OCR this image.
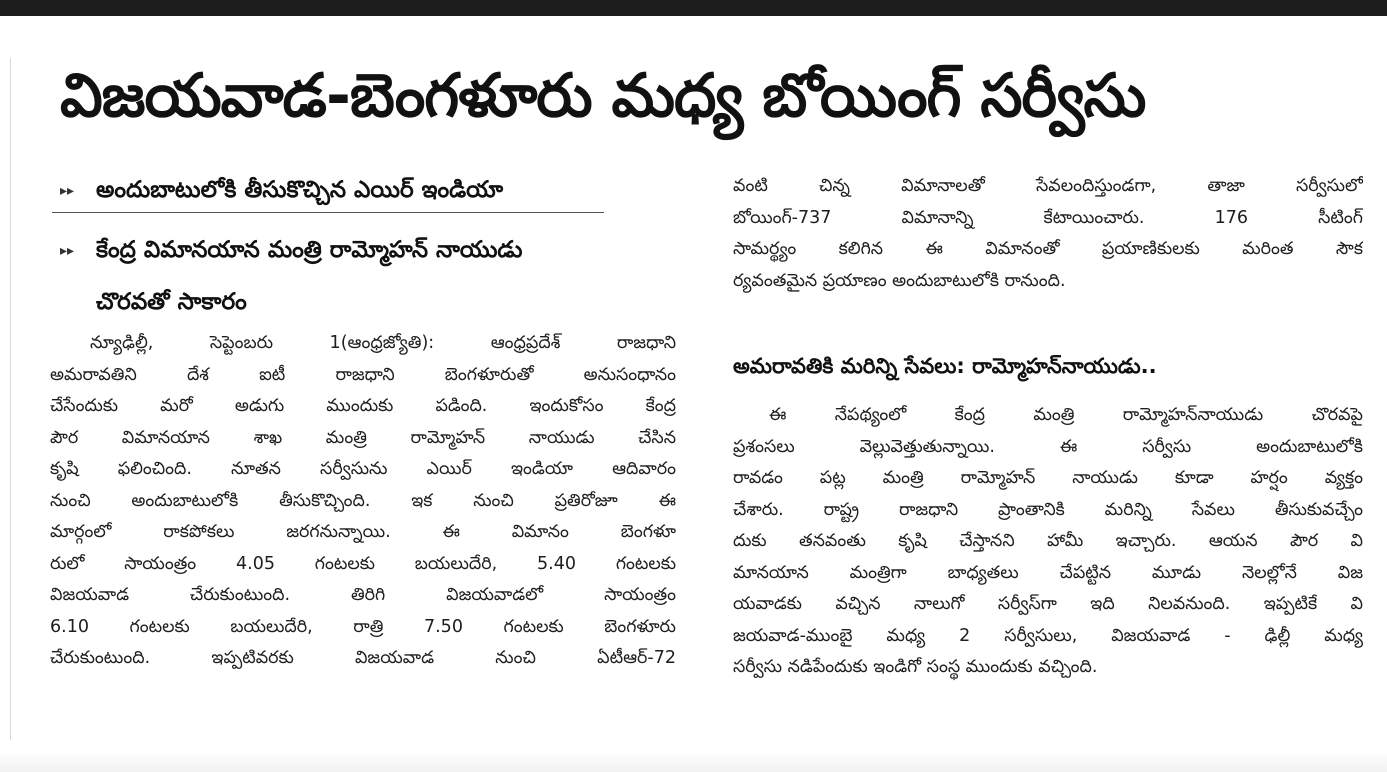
విజయవాడ-బెంగళూరు మధ్య బోయింగ్ సర్వీసు
▸▸ అందుబాటులోకి తీసుకొచ్చిన ఎయిర్ ఇండియా
▸▸ కేంద్ర విమానయాన మంత్రి రామ్మోహన్ నాయుడు
చొరవతో సాకారం
న్యూఢిల్లీ, సెప్టెంబరు 1(ఆంధ్రజ్యోతి): ఆంధ్రప్రదేశ్ రాజధాని
అమరావతిని దేశ ఐటీ రాజధాని బెంగళూరుతో అనుసంధానం
చేసేందుకు మరో అడుగు ముందుకు పడింది. ఇందుకోసం కేంద్ర
పౌర విమానయాన శాఖ మంత్రి రామ్మోహన్ నాయుడు చేసిన
కృషి ఫలించింది. నూతన సర్వీసును ఎయిర్ ఇండియా ఆదివారం
నుంచి అందుబాటులోకి తీసుకొచ్చింది. ఇక నుంచి ప్రతిరోజూ ఈ
మార్గంలో రాకపోకలు జరగనున్నాయి. ఈ విమానం బెంగళూ
రులో సాయంత్రం 4.05 గంటలకు బయలుదేరి, 5.40 గంటలకు
విజయవాడ చేరుకుంటుంది. తిరిగి విజయవాడలో సాయంత్రం
6.10 గంటలకు బయలుదేరి, రాత్రి 7.50 గంటలకు బెంగళూరు
చేరుకుంటుంది. ఇప్పటివరకు విజయవాడ నుంచి ఏటీఆర్-72
వంటి చిన్న విమానాలతో సేవలందిస్తుండగా, తాజా సర్వీసులో
బోయింగ్-737 విమానాన్ని కేటాయించారు. 176 సీటింగ్
సామర్థ్యం కలిగిన ఈ విమానంతో ప్రయాణికులకు మరింత సౌక
ర్యవంతమైన ప్రయాణం అందుబాటులోకి రానుంది.
అమరావతికి మరిన్ని సేవలు: రామ్మోహన్‌నాయుడు..
ఈ నేపథ్యంలో కేంద్ర మంత్రి రామ్మోహన్‌నాయుడు చొరవపై
ప్రశంసలు వెల్లువెత్తుతున్నాయి. ఈ సర్వీసు అందుబాటులోకి
రావడం పట్ల మంత్రి రామ్మోహన్ నాయుడు కూడా హర్షం వ్యక్తం
చేశారు. రాష్ట్ర రాజధాని ప్రాంతానికి మరిన్ని సేవలు తీసుకువచ్చేం
దుకు తనవంతు కృషి చేస్తానని హామీ ఇచ్చారు. ఆయన పౌర వి
మానయాన మంత్రిగా బాధ్యతలు చేపట్టిన మూడు నెలల్లోనే విజ
యవాడకు వచ్చిన నాలుగో సర్వీస్‌గా ఇది నిలవనుంది. ఇప్పటికే వి
జయవాడ-ముంబై మధ్య 2 సర్వీసులు, విజయవాడ - ఢిల్లీ మధ్య
సర్వీసు నడిపేందుకు ఇండిగో సంస్థ ముందుకు వచ్చింది.
